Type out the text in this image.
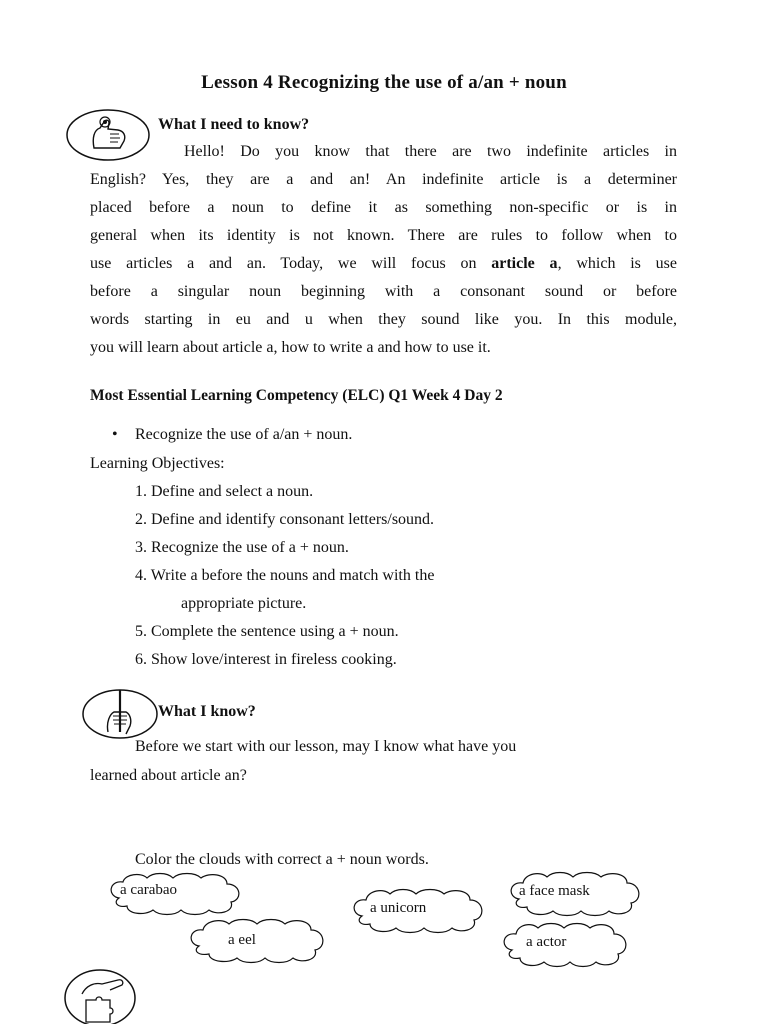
Lesson 4 Recognizing the use of a/an + noun
What I need to know?
Hello! Do you know that there are two indefinite articles in
English? Yes, they are a and an! An indefinite article is a determiner
placed before a noun to define it as something non-specific or is in
general when its identity is not known. There are rules to follow when to
use articles a and an. Today, we will focus on article a, which is use
before a singular noun beginning with a consonant sound or before
words starting in eu and u when they sound like you. In this module,
you will learn about article a, how to write a and how to use it.
Most Essential Learning Competency (ELC) Q1 Week 4 Day 2
• Recognize the use of a/an + noun.
Learning Objectives:
1. Define and select a noun.
2. Define and identify consonant letters/sound.
3. Recognize the use of a + noun.
4. Write a before the nouns and match with the
appropriate picture.
5. Complete the sentence using a + noun.
6. Show love/interest in fireless cooking.
What I know?
Before we start with our lesson, may I know what have you
learned about article an?
Color the clouds with correct a + noun words.
a carabao
a eel
a unicorn
a face mask
a actor
